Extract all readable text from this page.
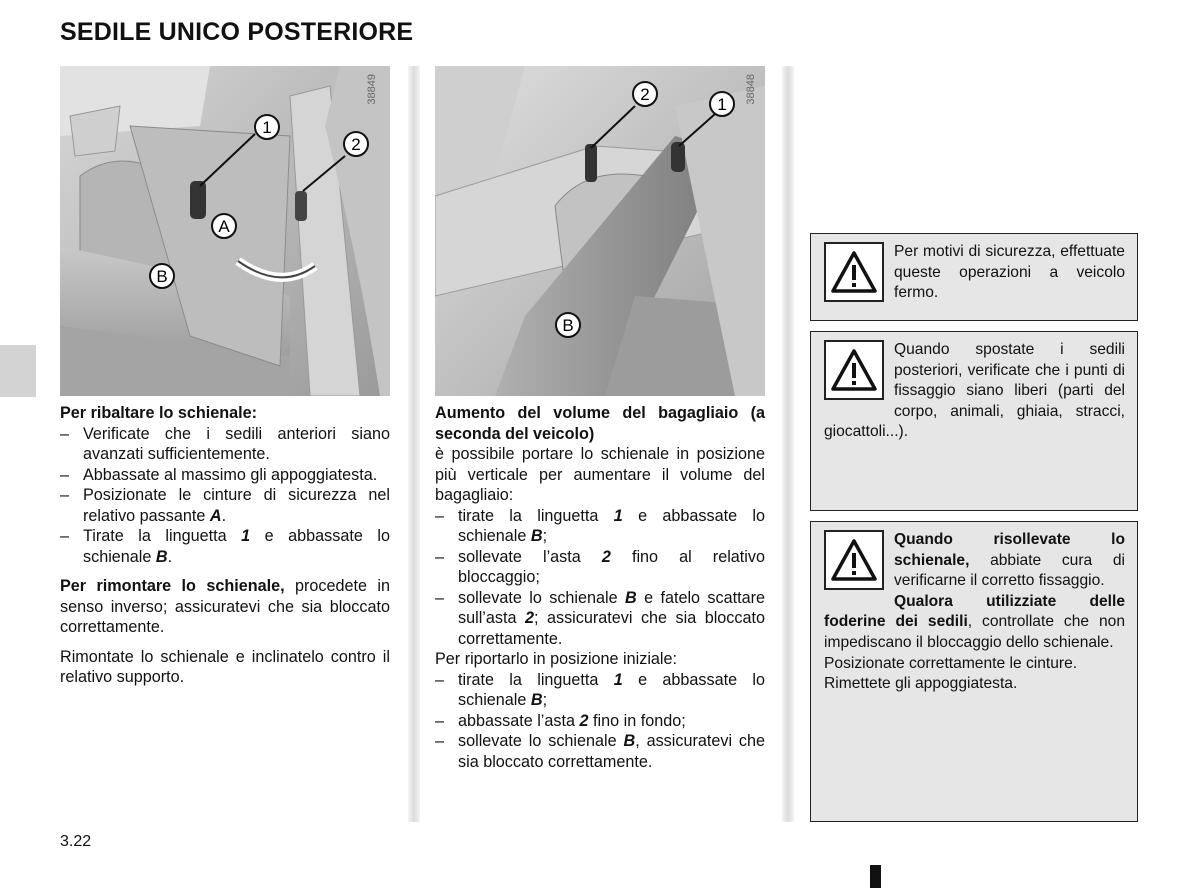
SEDILE UNICO POSTERIORE
38849
1
2
A
B
38848
2
1
B

Per ribaltare lo schienale:

– Verificate che i sedili anteriori siano avanzati sufficientemente.
– Abbassate al massimo gli appoggiatesta.
– Posizionate le cinture di sicurezza nel relativo passante A.
– Tirate la linguetta 1 e abbassate lo schienale B.

Per rimontare lo schienale, procedete in senso inverso; assicuratevi che sia bloccato correttamente.

Rimontate lo schienale e inclinatelo contro il relativo supporto.

Aumento del volume del bagagliaio (a seconda del veicolo)

è possibile portare lo schienale in posizione più verticale per aumentare il volume del bagagliaio:

– tirate la linguetta 1 e abbassate lo schienale B;
– sollevate l’asta 2 fino al relativo bloccaggio;
– sollevate lo schienale B e fatelo scattare sull’asta 2; assicuratevi che sia bloccato correttamente.

Per riportarlo in posizione iniziale:

– tirate la linguetta 1 e abbassate lo schienale B;
– abbassate l’asta 2 fino in fondo;
– sollevate lo schienale B, assicuratevi che sia bloccato correttamente.

Per motivi di sicurezza, effettuate queste operazioni a veicolo fermo.

Quando spostate i sedili posteriori, verificate che i punti di fissaggio siano liberi (parti del corpo, animali, ghiaia, stracci, giocattoli...).

Quando risollevate lo schienale, abbiate cura di verificarne il corretto fissaggio.

Qualora utilizziate delle foderine dei sedili, controllate che non impediscano il bloccaggio dello schienale.

Posizionate correttamente le cinture.

Rimettete gli appoggiatesta.

3.22
